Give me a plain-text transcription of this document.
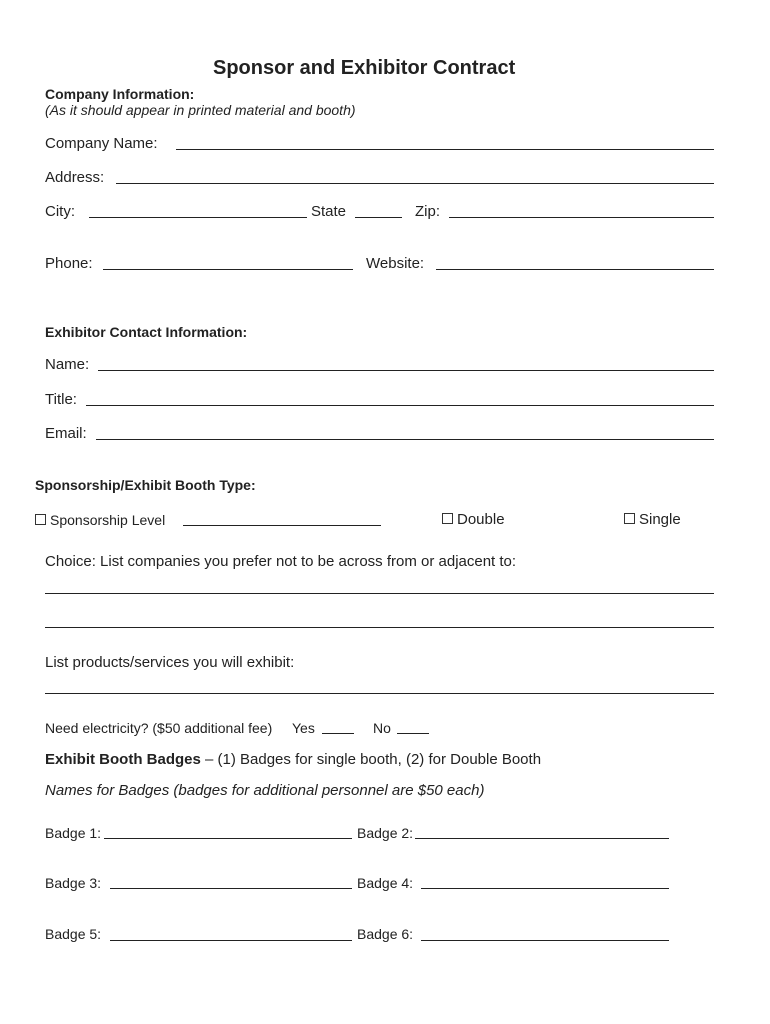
Sponsor and Exhibitor Contract
Company Information:
(As it should appear in printed material and booth)
Company Name:
Address:
City:	State	Zip:
Phone:	Website:
Exhibitor Contact Information:
Name:
Title:
Email:
Sponsorship/Exhibit Booth Type:
Sponsorship Level	Double	Single
Choice: List companies you prefer not to be across from or adjacent to:
List products/services you will exhibit:
Need electricity? ($50 additional fee) Yes	No
Exhibit Booth Badges – (1) Badges for single booth, (2) for Double Booth
Names for Badges (badges for additional personnel are $50 each)
Badge 1:	Badge 2:
Badge 3:	Badge 4:
Badge 5:	Badge 6:
